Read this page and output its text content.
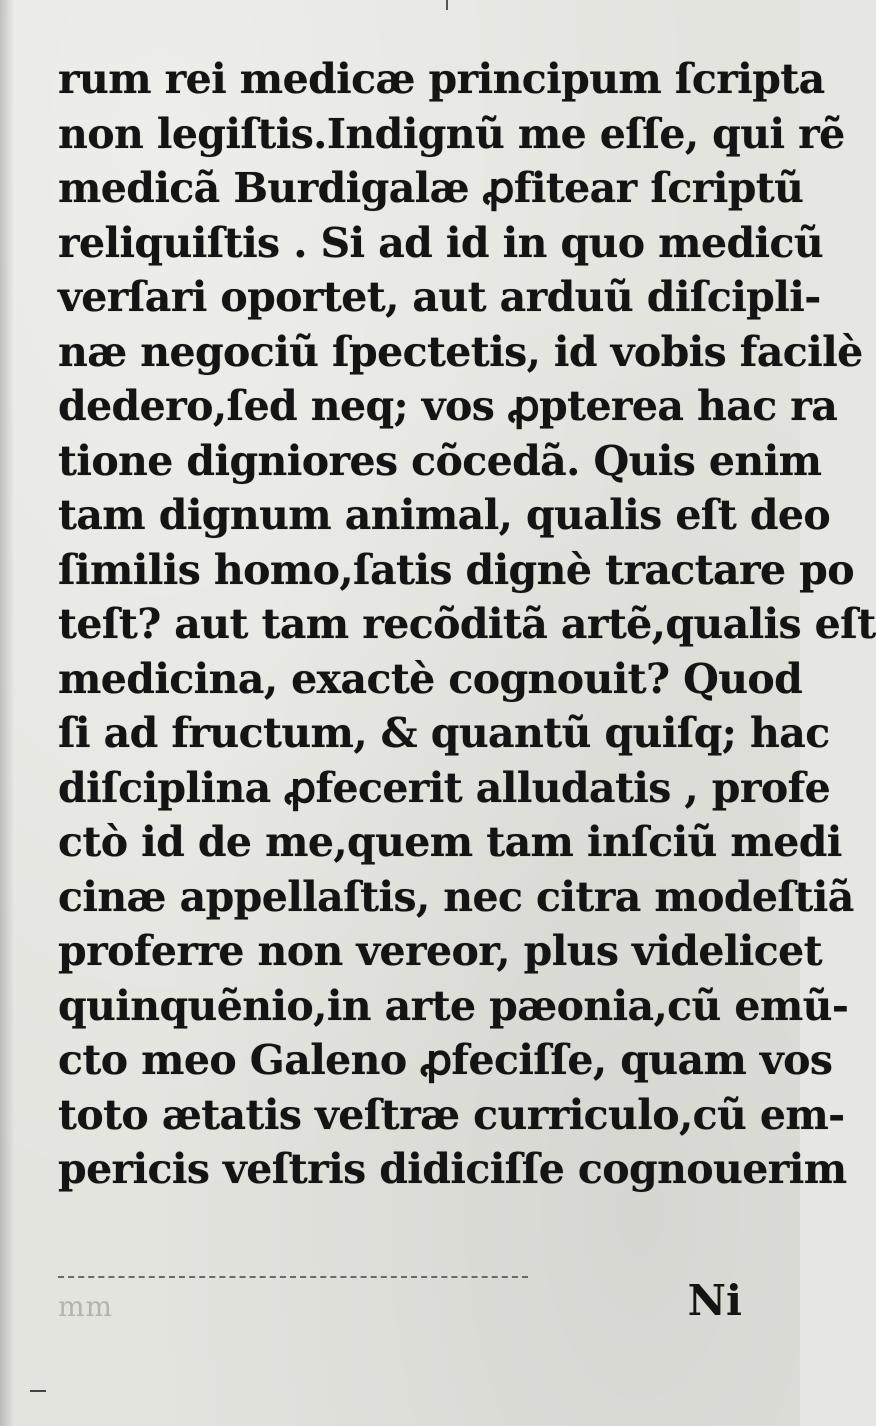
rum rei medicæ principum ſcripta
non legiſtis.Indignũ me eſſe, qui rẽ
medicã Burdigalæ ꝓfitear ſcriptũ
reliquiſtis . Si ad id in quo medicũ
verſari oportet, aut arduũ diſcipli-
næ negociũ ſpectetis, id vobis facilè
dedero,ſed neq; vos ꝓpterea hac ra
tione digniores cõcedã. Quis enim
tam dignum animal, qualis eſt deo
ſimilis homo,ſatis dignè tractare po
teſt? aut tam recõditã artẽ,qualis eſt
medicina, exactè cognouit? Quod
ſi ad fructum, & quantũ quiſq; hac
diſciplina ꝓfecerit alludatis , profe
ctò id de me,quem tam inſciũ medi
cinæ appellaſtis, nec citra modeſtiã
proferre non vereor, plus videlicet
quinquẽnio,in arte pæonia,cũ emũ-
cto meo Galeno ꝓfeciſſe, quam vos
toto ætatis veſtræ curriculo,cũ em-
pericis veſtris didiciſſe cognouerim
mm	Ni
